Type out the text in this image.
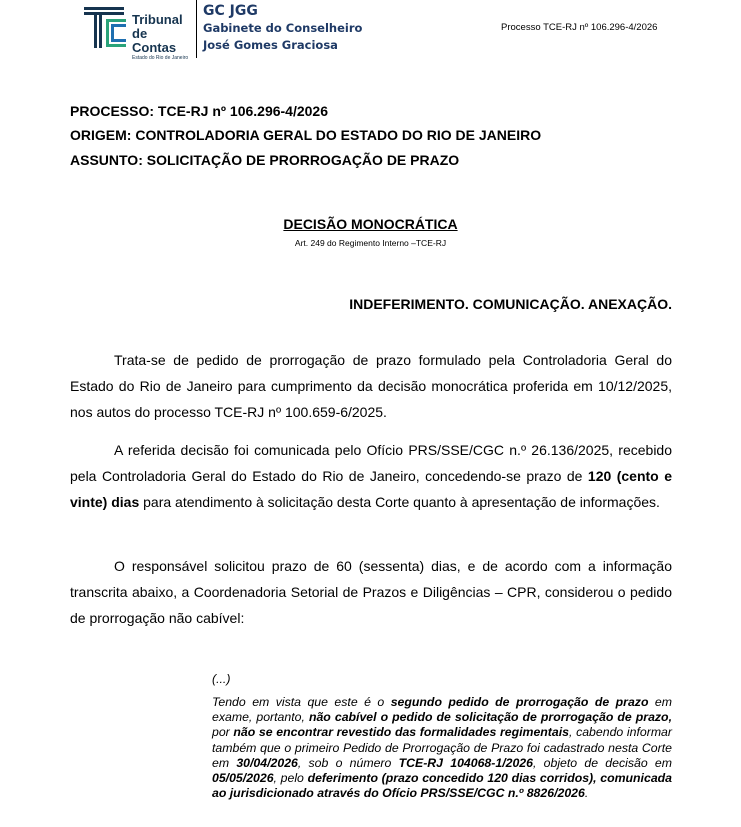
Tribunal
de Contas
Estado do Rio de Janeiro
GC JGG
Gabinete do Conselheiro
José Gomes Graciosa
Processo TCE-RJ nº 106.296-4/2026
PROCESSO: TCE-RJ nº 106.296-4/2026
ORIGEM: CONTROLADORIA GERAL DO ESTADO DO RIO DE JANEIRO
ASSUNTO: SOLICITAÇÃO DE PRORROGAÇÃO DE PRAZO
DECISÃO MONOCRÁTICA
Art. 249 do Regimento Interno –TCE-RJ
INDEFERIMENTO. COMUNICAÇÃO. ANEXAÇÃO.
Trata-se de pedido de prorrogação de prazo formulado pela Controladoria Geral do Estado do Rio de Janeiro para cumprimento da decisão monocrática proferida em 10/12/2025, nos autos do processo TCE-RJ nº 100.659-6/2025.
A referida decisão foi comunicada pelo Ofício PRS/SSE/CGC n.º 26.136/2025, recebido pela Controladoria Geral do Estado do Rio de Janeiro, concedendo-se prazo de 120 (cento e vinte) dias para atendimento à solicitação desta Corte quanto à apresentação de informações.
O responsável solicitou prazo de 60 (sessenta) dias, e de acordo com a informação transcrita abaixo, a Coordenadoria Setorial de Prazos e Diligências – CPR, considerou o pedido de prorrogação não cabível:
(...)
Tendo em vista que este é o segundo pedido de prorrogação de prazo em exame, portanto, não cabível o pedido de solicitação de prorrogação de prazo, por não se encontrar revestido das formalidades regimentais, cabendo informar também que o primeiro Pedido de Prorrogação de Prazo foi cadastrado nesta Corte em 30/04/2026, sob o número TCE-RJ 104068-1/2026, objeto de decisão em 05/05/2026, pelo deferimento (prazo concedido 120 dias corridos), comunicada ao jurisdicionado através do Ofício PRS/SSE/CGC n.º 8826/2026.
